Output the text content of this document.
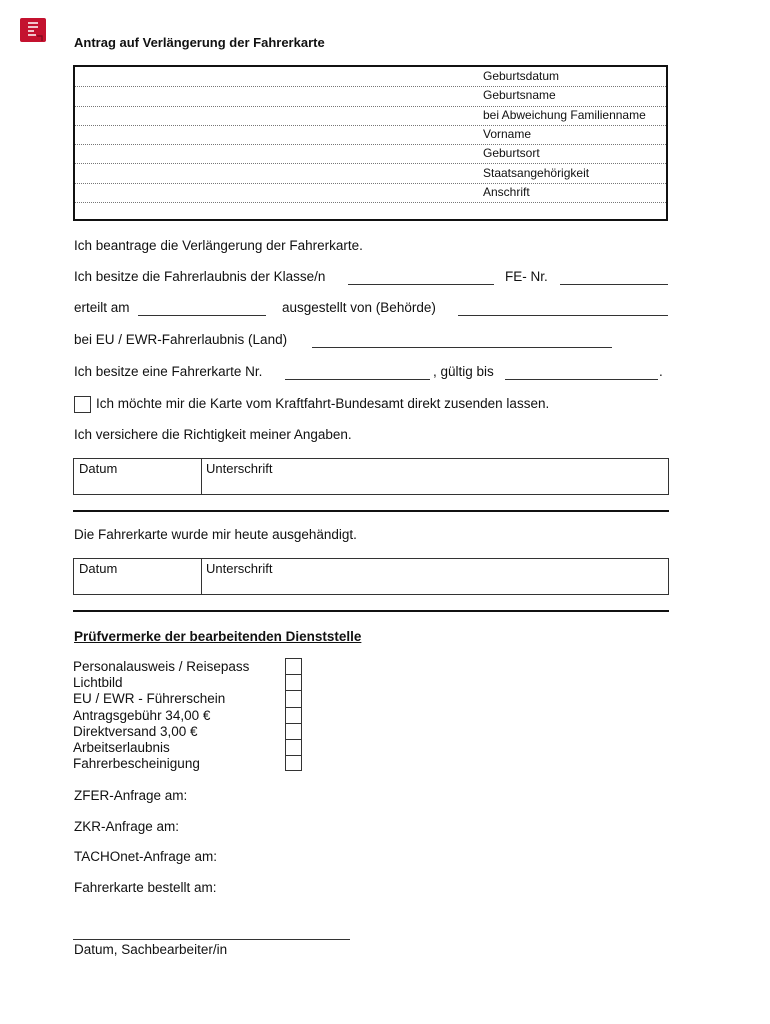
Antrag auf Verlängerung der Fahrerkarte
Geburtsdatum
Geburtsname
bei Abweichung Familienname
Vorname
Geburtsort
Staatsangehörigkeit
Anschrift
Ich beantrage die Verlängerung der Fahrerkarte.
Ich besitze die Fahrerlaubnis der Klasse/n	FE- Nr.
erteilt am	ausgestellt von (Behörde)
bei EU / EWR-Fahrerlaubnis (Land)
Ich besitze eine Fahrerkarte Nr.	, gültig bis	.
Ich möchte mir die Karte vom Kraftfahrt-Bundesamt direkt zusenden lassen.
Ich versichere die Richtigkeit meiner Angaben.
Datum	Unterschrift
Die Fahrerkarte wurde mir heute ausgehändigt.
Datum	Unterschrift
Prüfvermerke der bearbeitenden Dienststelle
Personalausweis / Reisepass
Lichtbild
EU / EWR - Führerschein
Antragsgebühr 34,00 €
Direktversand 3,00 €
Arbeitserlaubnis
Fahrerbescheinigung
ZFER-Anfrage am:
ZKR-Anfrage am:
TACHOnet-Anfrage am:
Fahrerkarte bestellt am:
Datum, Sachbearbeiter/in
